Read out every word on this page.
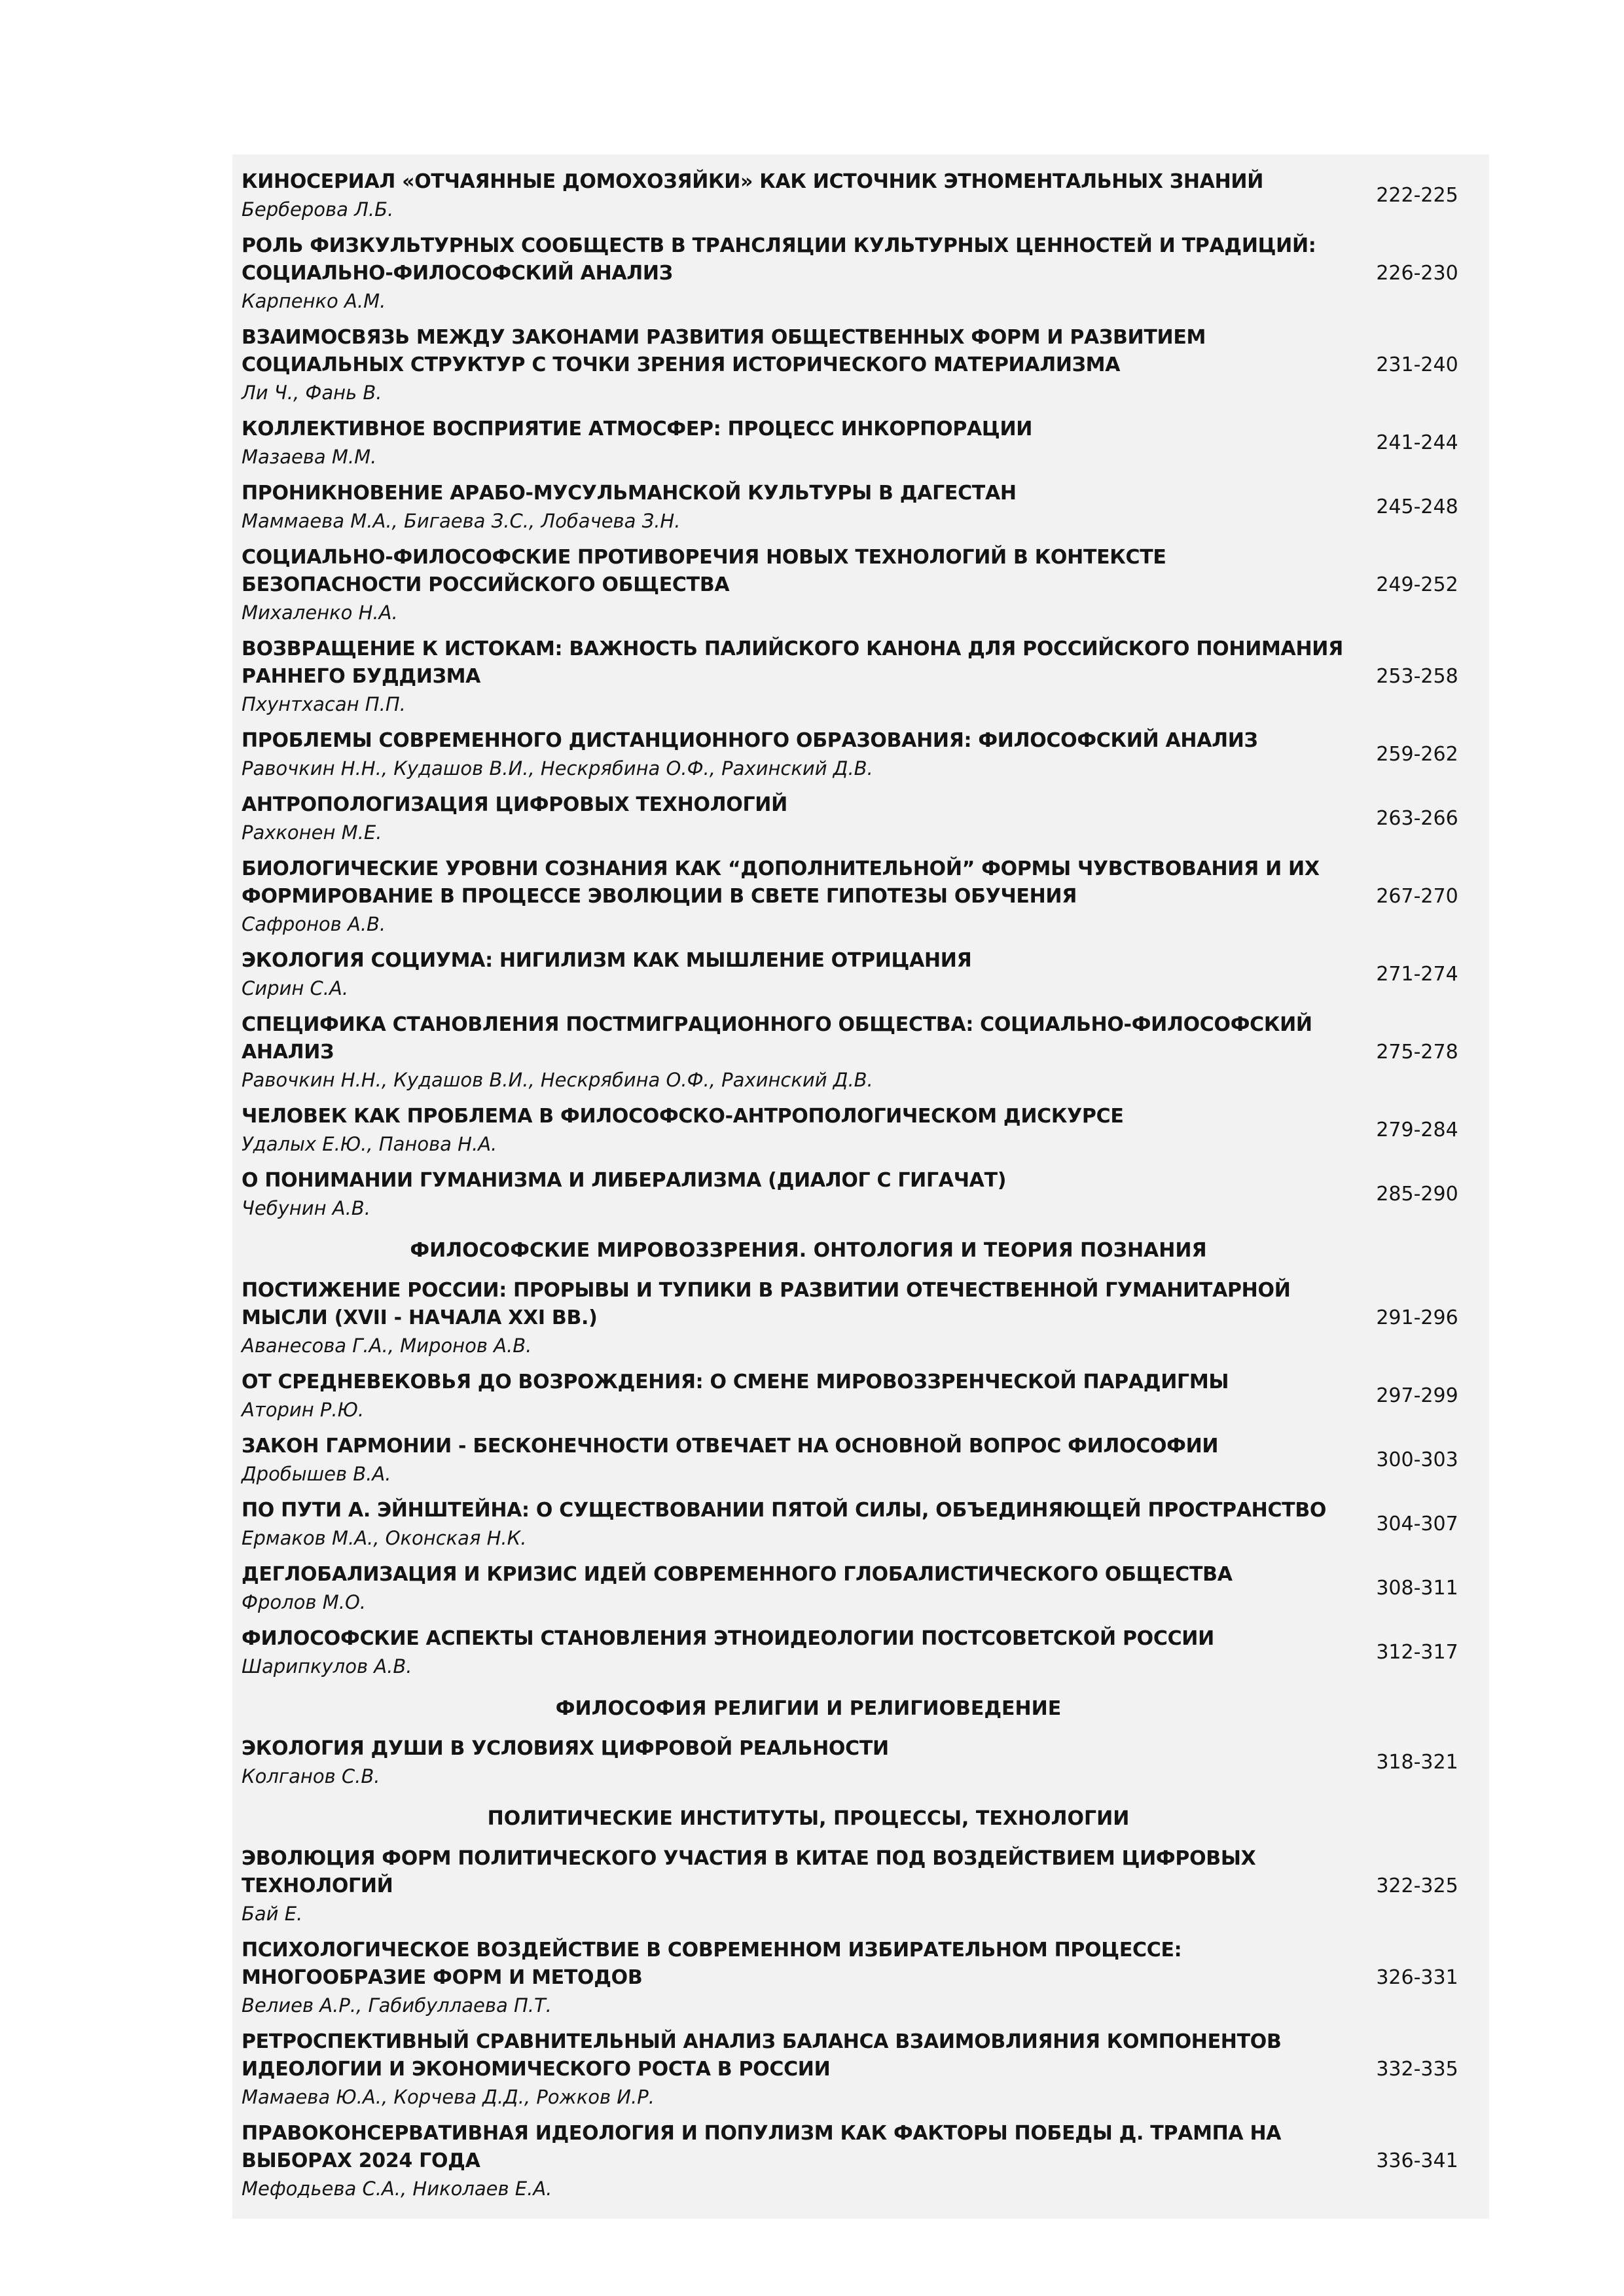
КИНОСЕРИАЛ «ОТЧАЯННЫЕ ДОМОХОЗЯЙКИ» КАК ИСТОЧНИК ЭТНОМЕНТАЛЬНЫХ ЗНАНИЙ
Берберова Л.Б.
222-225
РОЛЬ ФИЗКУЛЬТУРНЫХ СООБЩЕСТВ В ТРАНСЛЯЦИИ КУЛЬТУРНЫХ ЦЕННОСТЕЙ И ТРАДИЦИЙ: СОЦИАЛЬНО-ФИЛОСОФСКИЙ АНАЛИЗ
Карпенко А.М.
226-230
ВЗАИМОСВЯЗЬ МЕЖДУ ЗАКОНАМИ РАЗВИТИЯ ОБЩЕСТВЕННЫХ ФОРМ И РАЗВИТИЕМ СОЦИАЛЬНЫХ СТРУКТУР С ТОЧКИ ЗРЕНИЯ ИСТОРИЧЕСКОГО МАТЕРИАЛИЗМА
Ли Ч., Фань В.
231-240
КОЛЛЕКТИВНОЕ ВОСПРИЯТИЕ АТМОСФЕР: ПРОЦЕСС ИНКОРПОРАЦИИ
Мазаева М.М.
241-244
ПРОНИКНОВЕНИЕ АРАБО-МУСУЛЬМАНСКОЙ КУЛЬТУРЫ В ДАГЕСТАН
Маммаева М.А., Бигаева З.С., Лобачева З.Н.
245-248
СОЦИАЛЬНО-ФИЛОСОФСКИЕ ПРОТИВОРЕЧИЯ НОВЫХ ТЕХНОЛОГИЙ В КОНТЕКСТЕ БЕЗОПАСНОСТИ РОССИЙСКОГО ОБЩЕСТВА
Михаленко Н.А.
249-252
ВОЗВРАЩЕНИЕ К ИСТОКАМ: ВАЖНОСТЬ ПАЛИЙСКОГО КАНОНА ДЛЯ РОССИЙСКОГО ПОНИМАНИЯ РАННЕГО БУДДИЗМА
Пхунтхасан П.П.
253-258
ПРОБЛЕМЫ СОВРЕМЕННОГО ДИСТАНЦИОННОГО ОБРАЗОВАНИЯ: ФИЛОСОФСКИЙ АНАЛИЗ
Равочкин Н.Н., Кудашов В.И., Нескрябина О.Ф., Рахинский Д.В.
259-262
АНТРОПОЛОГИЗАЦИЯ ЦИФРОВЫХ ТЕХНОЛОГИЙ
Рахконен М.Е.
263-266
БИОЛОГИЧЕСКИЕ УРОВНИ СОЗНАНИЯ КАК “ДОПОЛНИТЕЛЬНОЙ” ФОРМЫ ЧУВСТВОВАНИЯ И ИХ ФОРМИРОВАНИЕ В ПРОЦЕССЕ ЭВОЛЮЦИИ В СВЕТЕ ГИПОТЕЗЫ ОБУЧЕНИЯ
Сафронов А.В.
267-270
ЭКОЛОГИЯ СОЦИУМА: НИГИЛИЗМ КАК МЫШЛЕНИЕ ОТРИЦАНИЯ
Сирин С.А.
271-274
СПЕЦИФИКА СТАНОВЛЕНИЯ ПОСТМИГРАЦИОННОГО ОБЩЕСТВА: СОЦИАЛЬНО-ФИЛОСОФСКИЙ АНАЛИЗ
Равочкин Н.Н., Кудашов В.И., Нескрябина О.Ф., Рахинский Д.В.
275-278
ЧЕЛОВЕК КАК ПРОБЛЕМА В ФИЛОСОФСКО-АНТРОПОЛОГИЧЕСКОМ ДИСКУРСЕ
Удалых Е.Ю., Панова Н.А.
279-284
О ПОНИМАНИИ ГУМАНИЗМА И ЛИБЕРАЛИЗМА (ДИАЛОГ С ГИГАЧАТ)
Чебунин А.В.
285-290
ФИЛОСОФСКИЕ МИРОВОЗЗРЕНИЯ. ОНТОЛОГИЯ И ТЕОРИЯ ПОЗНАНИЯ
ПОСТИЖЕНИЕ РОССИИ: ПРОРЫВЫ И ТУПИКИ В РАЗВИТИИ ОТЕЧЕСТВЕННОЙ ГУМАНИТАРНОЙ МЫСЛИ (XVII - НАЧАЛА XXI ВВ.)
Аванесова Г.А., Миронов А.В.
291-296
ОТ СРЕДНЕВЕКОВЬЯ ДО ВОЗРОЖДЕНИЯ: О СМЕНЕ МИРОВОЗЗРЕНЧЕСКОЙ ПАРАДИГМЫ
Аторин Р.Ю.
297-299
ЗАКОН ГАРМОНИИ - БЕСКОНЕЧНОСТИ ОТВЕЧАЕТ НА ОСНОВНОЙ ВОПРОС ФИЛОСОФИИ
Дробышев В.А.
300-303
ПО ПУТИ А. ЭЙНШТЕЙНА: О СУЩЕСТВОВАНИИ ПЯТОЙ СИЛЫ, ОБЪЕДИНЯЮЩЕЙ ПРОСТРАНСТВО
Ермаков М.А., Оконская Н.К.
304-307
ДЕГЛОБАЛИЗАЦИЯ И КРИЗИС ИДЕЙ СОВРЕМЕННОГО ГЛОБАЛИСТИЧЕСКОГО ОБЩЕСТВА
Фролов М.О.
308-311
ФИЛОСОФСКИЕ АСПЕКТЫ СТАНОВЛЕНИЯ ЭТНОИДЕОЛОГИИ ПОСТСОВЕТСКОЙ РОССИИ
Шарипкулов А.В.
312-317
ФИЛОСОФИЯ РЕЛИГИИ И РЕЛИГИОВЕДЕНИЕ
ЭКОЛОГИЯ ДУШИ В УСЛОВИЯХ ЦИФРОВОЙ РЕАЛЬНОСТИ
Колганов С.В.
318-321
ПОЛИТИЧЕСКИЕ ИНСТИТУТЫ, ПРОЦЕССЫ, ТЕХНОЛОГИИ
ЭВОЛЮЦИЯ ФОРМ ПОЛИТИЧЕСКОГО УЧАСТИЯ В КИТАЕ ПОД ВОЗДЕЙСТВИЕМ ЦИФРОВЫХ ТЕХНОЛОГИЙ
Бай Е.
322-325
ПСИХОЛОГИЧЕСКОЕ ВОЗДЕЙСТВИЕ В СОВРЕМЕННОМ ИЗБИРАТЕЛЬНОМ ПРОЦЕССЕ: МНОГООБРАЗИЕ ФОРМ И МЕТОДОВ
Велиев А.Р., Габибуллаева П.Т.
326-331
РЕТРОСПЕКТИВНЫЙ СРАВНИТЕЛЬНЫЙ АНАЛИЗ БАЛАНСА ВЗАИМОВЛИЯНИЯ КОМПОНЕНТОВ ИДЕОЛОГИИ И ЭКОНОМИЧЕСКОГО РОСТА В РОССИИ
Мамаева Ю.А., Корчева Д.Д., Рожков И.Р.
332-335
ПРАВОКОНСЕРВАТИВНАЯ ИДЕОЛОГИЯ И ПОПУЛИЗМ КАК ФАКТОРЫ ПОБЕДЫ Д. ТРАМПА НА ВЫБОРАХ 2024 ГОДА
Мефодьева С.А., Николаев Е.А.
336-341
